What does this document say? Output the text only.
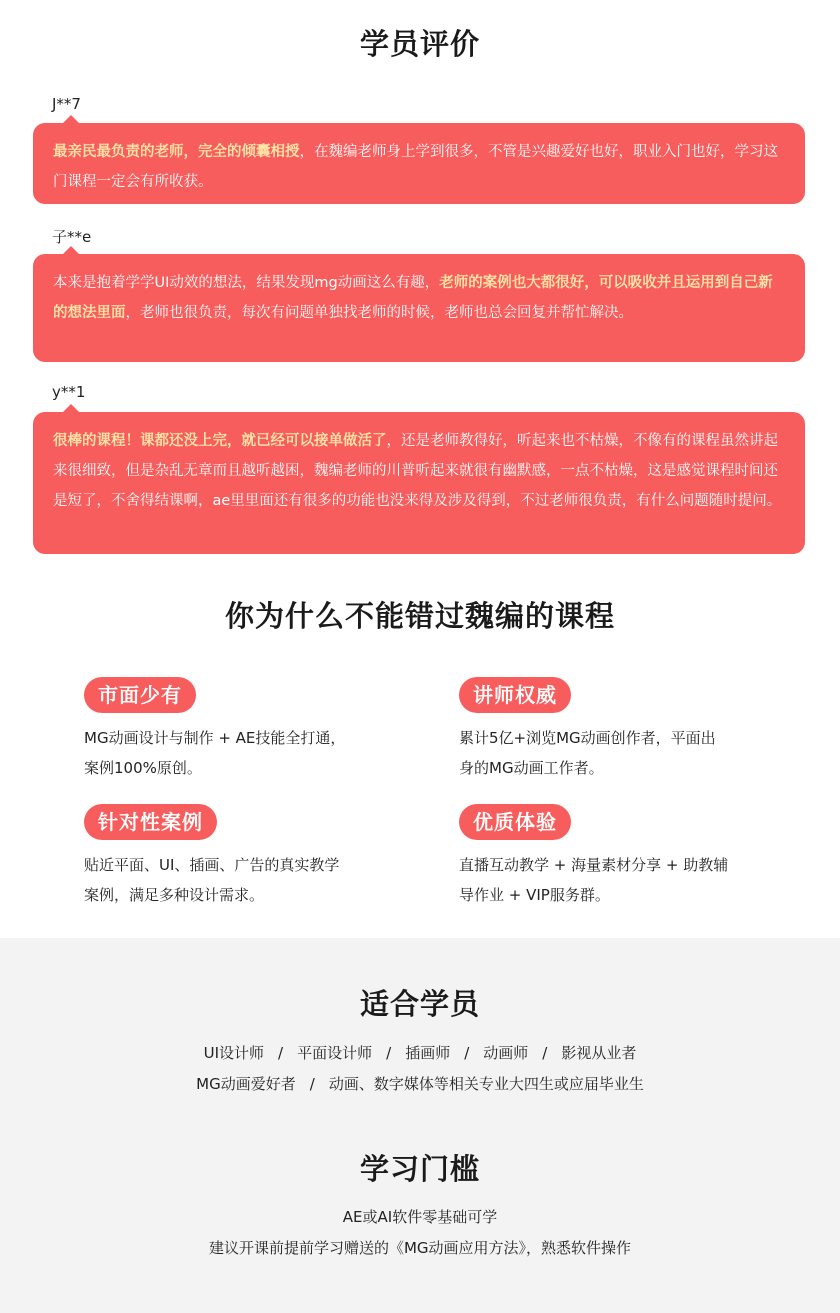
学员评价
J**7
最亲民最负责的老师，完全的倾囊相授，在魏编老师身上学到很多，不管是兴趣爱好也好，职业入门也好，学习这门课程一定会有所收获。
子**e
本来是抱着学学UI动效的想法，结果发现mg动画这么有趣，老师的案例也大都很好，可以吸收并且运用到自己新的想法里面，老师也很负责，每次有问题单独找老师的时候，老师也总会回复并帮忙解决。
y**1
很棒的课程！课都还没上完，就已经可以接单做活了，还是老师教得好，听起来也不枯燥，不像有的课程虽然讲起来很细致，但是杂乱无章而且越听越困，魏编老师的川普听起来就很有幽默感，一点不枯燥，这是感觉课程时间还是短了，不舍得结课啊，ae里里面还有很多的功能也没来得及涉及得到，不过老师很负责，有什么问题随时提问。
你为什么不能错过魏编的课程
市面少有
MG动画设计与制作 + AE技能全打通，
案例100%原创。
讲师权威
累计5亿+浏览MG动画创作者，平面出
身的MG动画工作者。
针对性案例
贴近平面、UI、插画、广告的真实教学
案例，满足多种设计需求。
优质体验
直播互动教学 + 海量素材分享 + 助教辅
导作业 + VIP服务群。
适合学员
UI设计师 / 平面设计师 / 插画师 / 动画师 / 影视从业者
MG动画爱好者 / 动画、数字媒体等相关专业大四生或应届毕业生
学习门槛
AE或AI软件零基础可学
建议开课前提前学习赠送的《MG动画应用方法》，熟悉软件操作
